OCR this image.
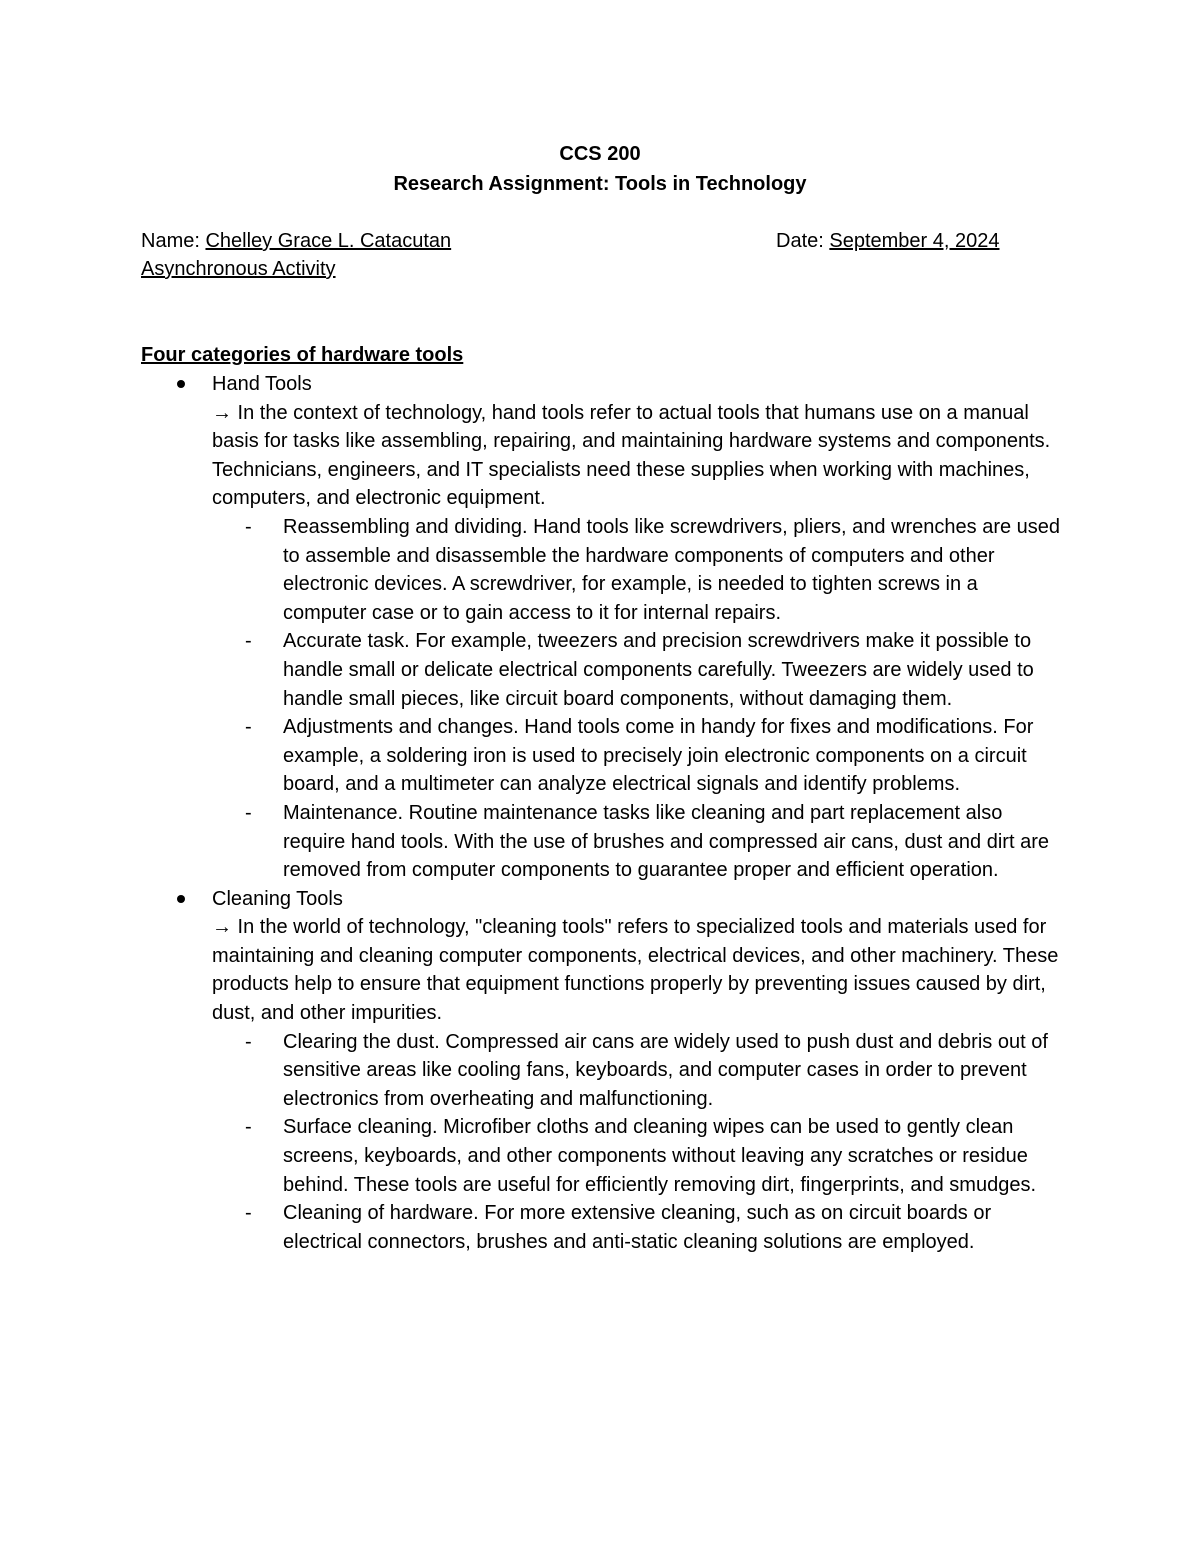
CCS 200
Research Assignment: Tools in Technology
Name: Chelley Grace L. Catacutan	Date: September 4, 2024
Asynchronous Activity
Four categories of hardware tools

Hand Tools

→ In the context of technology, hand tools refer to actual tools that humans use on a manual basis for tasks like assembling, repairing, and maintaining hardware systems and components. Technicians, engineers, and IT specialists need these supplies when working with machines, computers, and electronic equipment.

- Reassembling and dividing. Hand tools like screwdrivers, pliers, and wrenches are used to assemble and disassemble the hardware components of computers and other electronic devices. A screwdriver, for example, is needed to tighten screws in a computer case or to gain access to it for internal repairs.

- Accurate task. For example, tweezers and precision screwdrivers make it possible to handle small or delicate electrical components carefully. Tweezers are widely used to handle small pieces, like circuit board components, without damaging them.

- Adjustments and changes. Hand tools come in handy for fixes and modifications. For example, a soldering iron is used to precisely join electronic components on a circuit board, and a multimeter can analyze electrical signals and identify problems.

- Maintenance. Routine maintenance tasks like cleaning and part replacement also require hand tools. With the use of brushes and compressed air cans, dust and dirt are removed from computer components to guarantee proper and efficient operation.

Cleaning Tools

→ In the world of technology, "cleaning tools" refers to specialized tools and materials used for maintaining and cleaning computer components, electrical devices, and other machinery. These products help to ensure that equipment functions properly by preventing issues caused by dirt, dust, and other impurities.

- Clearing the dust. Compressed air cans are widely used to push dust and debris out of sensitive areas like cooling fans, keyboards, and computer cases in order to prevent electronics from overheating and malfunctioning.

- Surface cleaning. Microfiber cloths and cleaning wipes can be used to gently clean screens, keyboards, and other components without leaving any scratches or residue behind. These tools are useful for efficiently removing dirt, fingerprints, and smudges.

- Cleaning of hardware. For more extensive cleaning, such as on circuit boards or electrical connectors, brushes and anti-static cleaning solutions are employed.
